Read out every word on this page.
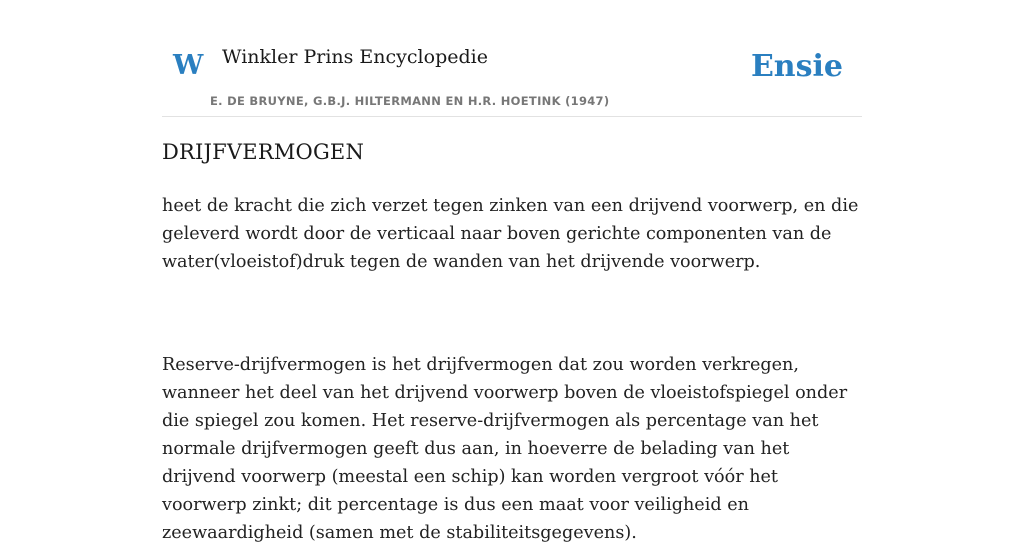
W Winkler Prins Encyclopedie
E. DE BRUYNE, G.B.J. HILTERMANN EN H.R. HOETINK (1947)
Ensie
DRIJFVERMOGEN

heet de kracht die zich verzet tegen zinken van een drijvend voorwerp, en die geleverd wordt door de verticaal naar boven gerichte componenten van de water(vloeistof)druk tegen de wanden van het drijvende voorwerp.

Reserve-drijfvermogen is het drijfvermogen dat zou worden verkregen, wanneer het deel van het drijvend voorwerp boven de vloeistofspiegel onder die spiegel zou komen. Het reserve-drijfvermogen als percentage van het normale drijfvermogen geeft dus aan, in hoeverre de belading van het drijvend voorwerp (meestal een schip) kan worden vergroot vóór het voorwerp zinkt; dit percentage is dus een maat voor veiligheid en zeewaardigheid (samen met de stabiliteitsgegevens).
